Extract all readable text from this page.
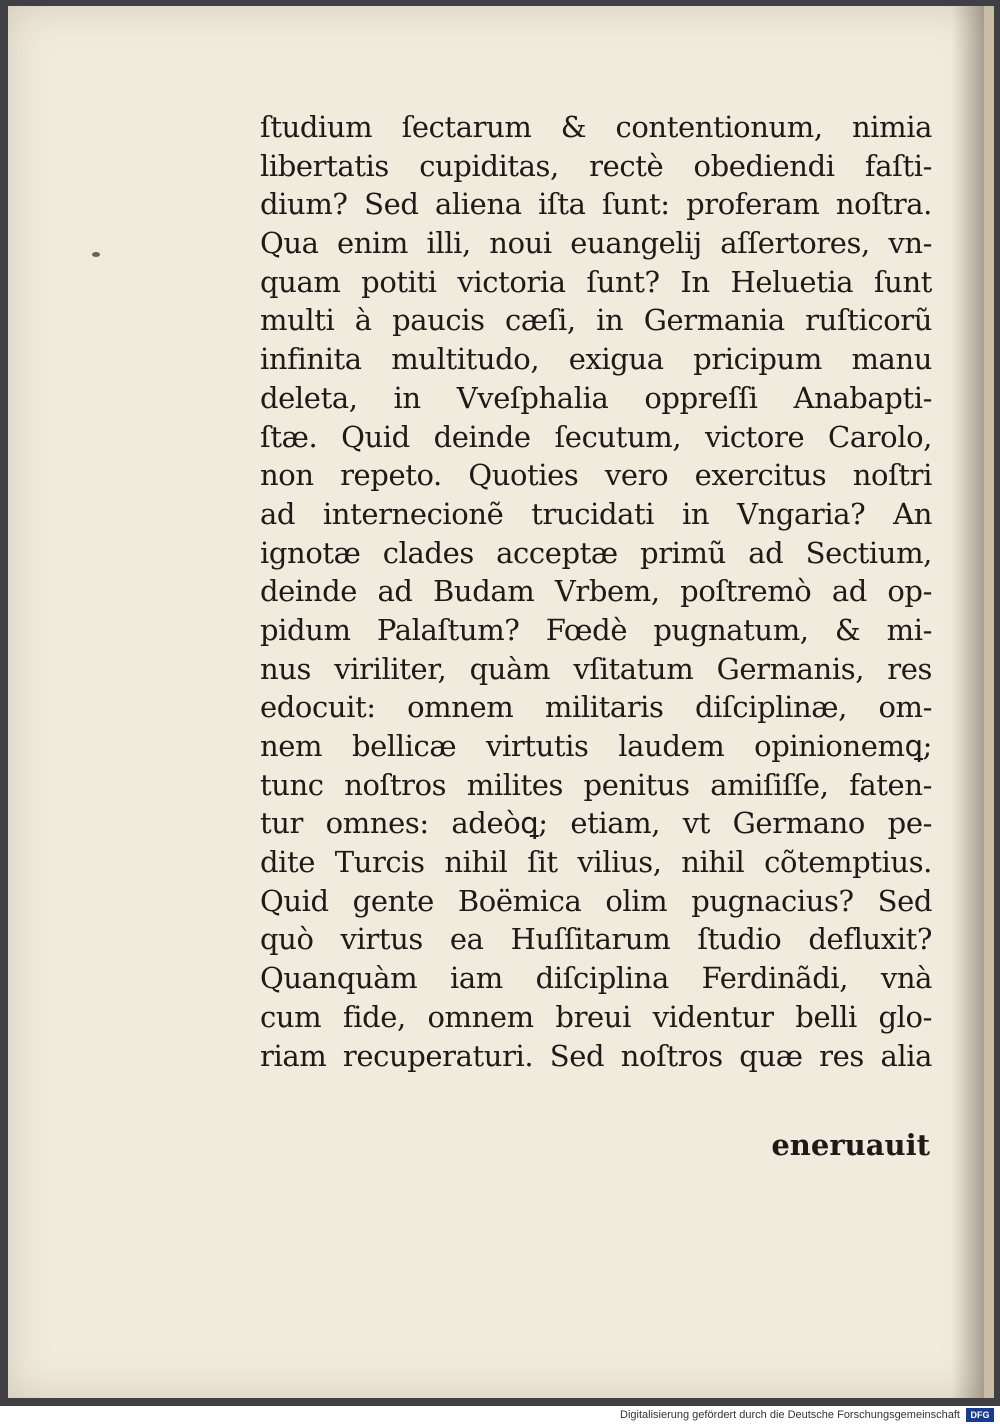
ſtudium ſectarum & contentionum, nimia
libertatis cupiditas, rectè obediendi faſti-
dium? Sed aliena iſta ſunt: proferam noſtra.
Qua enim illi, noui euangelij aſſertores, vn-
quam potiti victoria ſunt? In Heluetia ſunt
multi à paucis cæſi, in Germania ruſticorũ
infinita multitudo, exigua pricipum manu
deleta, in Vveſphalia oppreſſi Anabapti-
ſtæ. Quid deinde ſecutum, victore Carolo,
non repeto. Quoties vero exercitus noſtri
ad internecionẽ trucidati in Vngaria? An
ignotæ clades acceptæ primũ ad Sectium,
deinde ad Budam Vrbem, poſtremò ad op-
pidum Palaſtum? Fœdè pugnatum, & mi-
nus viriliter, quàm vſitatum Germanis, res
edocuit: omnem militaris diſciplinæ, om-
nem bellicæ virtutis laudem opinionemꝗ;
tunc noſtros milites penitus amiſiſſe, faten-
tur omnes: adeòꝗ; etiam, vt Germano pe-
dite Turcis nihil ſit vilius, nihil cõtemptius.
Quid gente Boëmica olim pugnacius? Sed
quò virtus ea Huſſitarum ſtudio defluxit?
Quanquàm iam diſciplina Ferdinãdi, vnà
cum fide, omnem breui videntur belli glo-
riam recuperaturi. Sed noſtros quæ res alia
eneruauit
Digitalisierung gefördert durch die Deutsche Forschungsgemeinschaft	DFG
